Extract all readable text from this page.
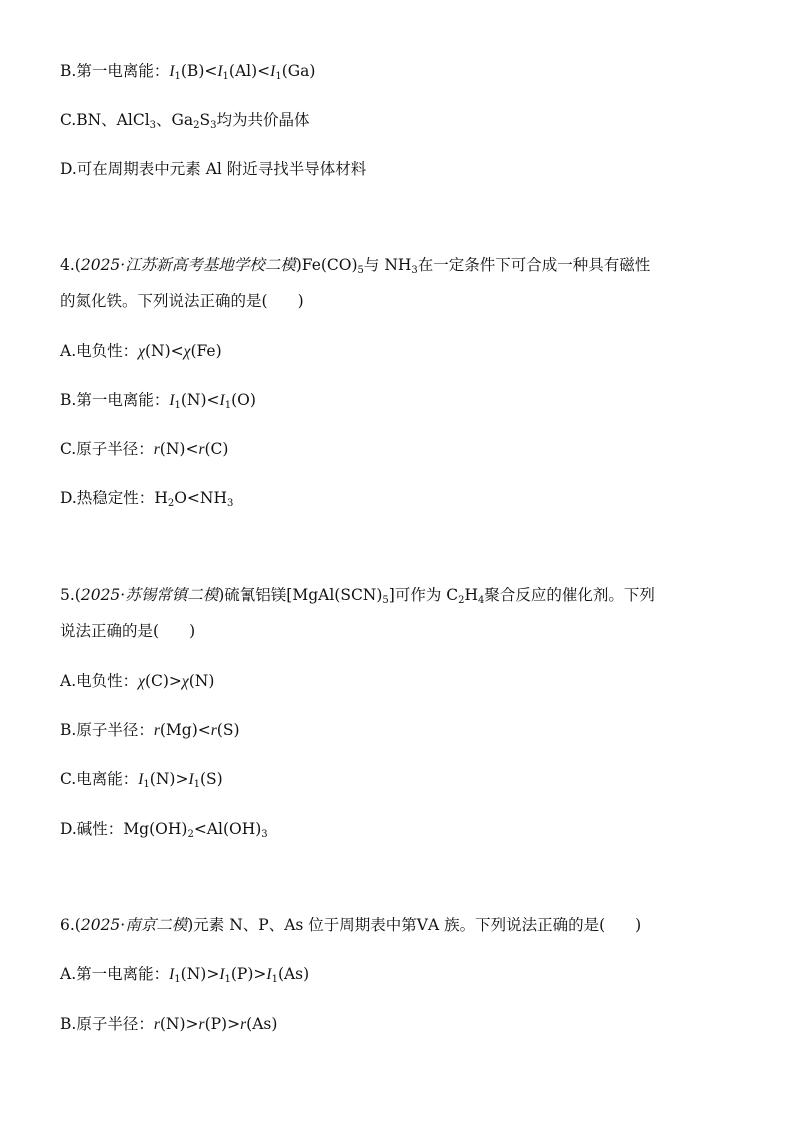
B.第一电离能：$I_1(B)<I_1(Al)<I_1(Ga)$
C.BN、AlCl$_3$、$Ga_2S_3$均为共价晶体
D.可在周期表中元素 Al 附近寻找半导体材料
4.(2025·江苏新高考基地学校二模)$Fe(CO)_5$与 $NH_3$在一定条件下可合成一种具有磁性
的氮化铁。下列说法正确的是( )
A.电负性：χ(N)<χ(Fe)
B.第一电离能：$I_1(N)<I_1(O)$
C.原子半径：r(N)<r(C)
D.热稳定性：$H_2O<NH_3$
5.(2025·苏锡常镇二模)硫氰铝镁$[MgAl(SCN)_5]$可作为 $C_2H_4$聚合反应的催化剂。下列
说法正确的是( )
A.电负性：χ(C)>χ(N)
B.原子半径：r(Mg)<r(S)
C.电离能：$I_1(N)>I_1(S)$
D.碱性：$Mg(OH)_2<Al(OH)_3$
6.(2025·南京二模)元素 N、P、As 位于周期表中第ⅤA 族。下列说法正确的是( )
A.第一电离能：$I_1(N)>I_1(P)>I_1(As)$
B.原子半径：r(N)>r(P)>r(As)
